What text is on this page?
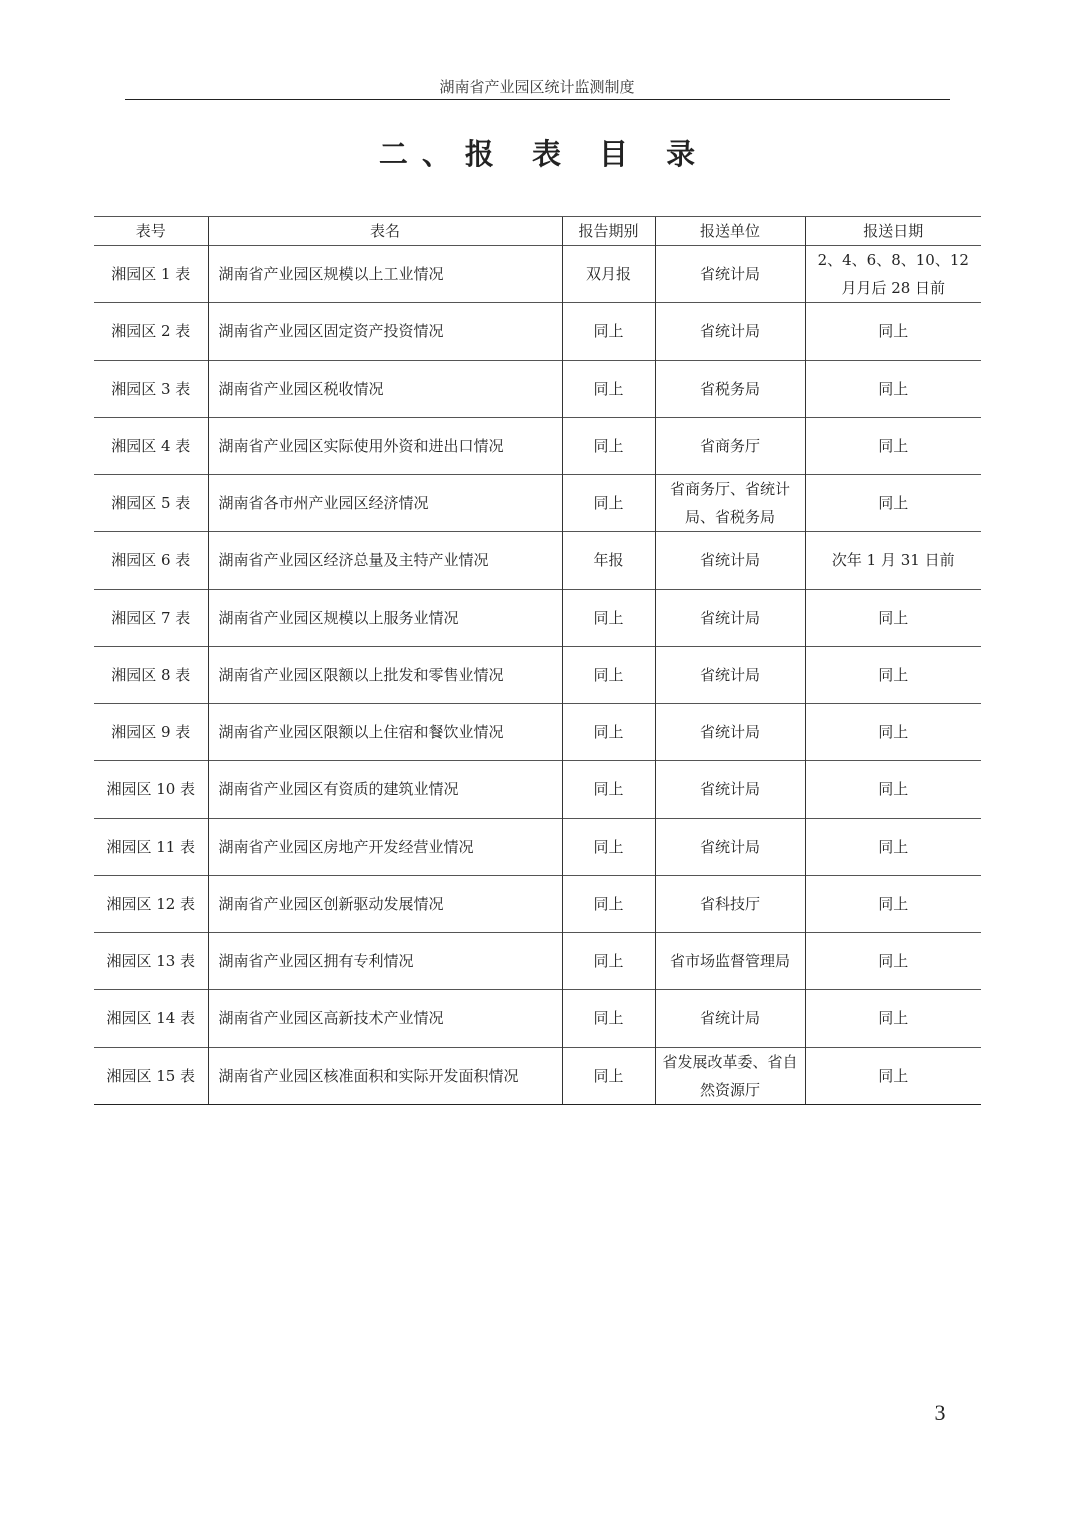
湖南省产业园区统计监测制度
二、报 表 目 录
表号	表名	报告期别	报送单位	报送日期
湘园区 1 表	湖南省产业园区规模以上工业情况	双月报	省统计局	2、4、6、8、10、12 月月后 28 日前
湘园区 2 表	湖南省产业园区固定资产投资情况	同上	省统计局	同上
湘园区 3 表	湖南省产业园区税收情况	同上	省税务局	同上
湘园区 4 表	湖南省产业园区实际使用外资和进出口情况	同上	省商务厅	同上
湘园区 5 表	湖南省各市州产业园区经济情况	同上	省商务厅、省统计局、省税务局	同上
湘园区 6 表	湖南省产业园区经济总量及主特产业情况	年报	省统计局	次年 1 月 31 日前
湘园区 7 表	湖南省产业园区规模以上服务业情况	同上	省统计局	同上
湘园区 8 表	湖南省产业园区限额以上批发和零售业情况	同上	省统计局	同上
湘园区 9 表	湖南省产业园区限额以上住宿和餐饮业情况	同上	省统计局	同上
湘园区 10 表	湖南省产业园区有资质的建筑业情况	同上	省统计局	同上
湘园区 11 表	湖南省产业园区房地产开发经营业情况	同上	省统计局	同上
湘园区 12 表	湖南省产业园区创新驱动发展情况	同上	省科技厅	同上
湘园区 13 表	湖南省产业园区拥有专利情况	同上	省市场监督管理局	同上
湘园区 14 表	湖南省产业园区高新技术产业情况	同上	省统计局	同上
湘园区 15 表	湖南省产业园区核准面积和实际开发面积情况	同上	省发展改革委、省自然资源厅	同上
3
